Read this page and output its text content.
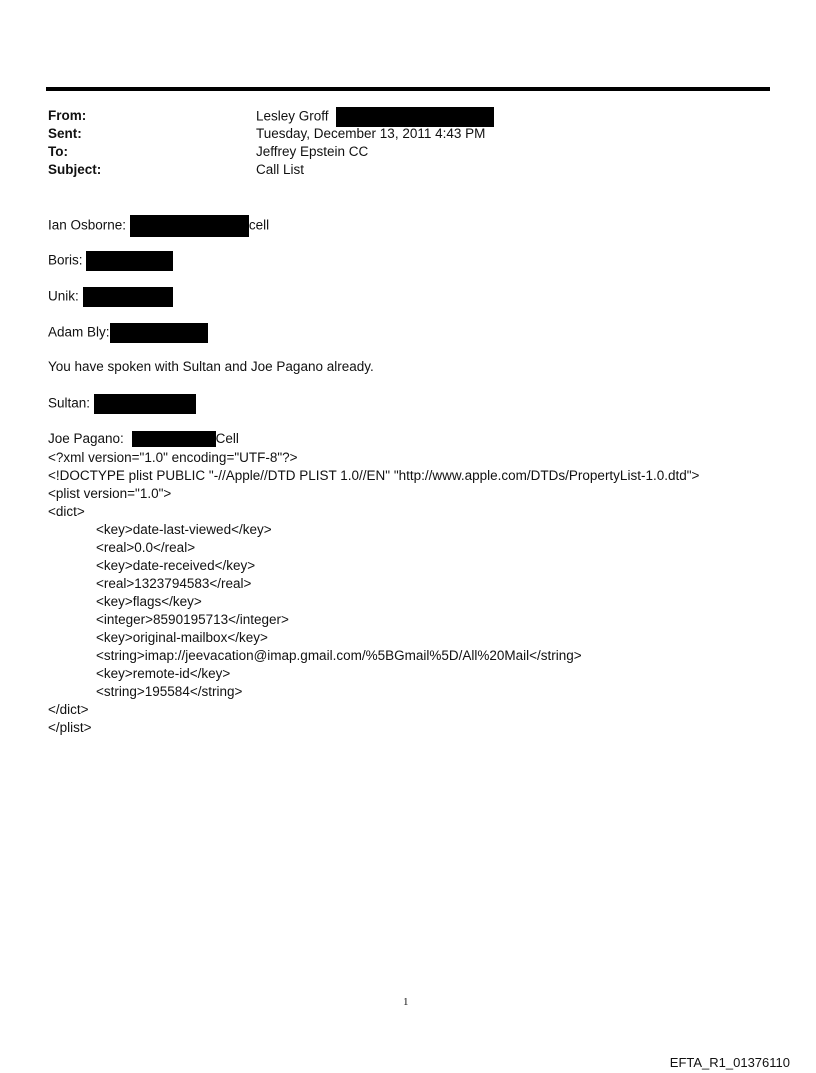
From:	Lesley Groff
Sent:	Tuesday, December 13, 2011 4:43 PM
To:	Jeffrey Epstein CC
Subject:	Call List
Ian Osborne:	cell
Boris:
Unik:
Adam Bly:
You have spoken with Sultan and Joe Pagano already.
Sultan:
Joe Pagano:	Cell
<?xml version="1.0" encoding="UTF-8"?>
<!DOCTYPE plist PUBLIC "-//Apple//DTD PLIST 1.0//EN" "http://www.apple.com/DTDs/PropertyList-1.0.dtd">
<plist version="1.0">
<dict>
<key>date-last-viewed</key>
<real>0.0</real>
<key>date-received</key>
<real>1323794583</real>
<key>flags</key>
<integer>8590195713</integer>
<key>original-mailbox</key>
<string>imap://jeevacation@imap.gmail.com/%5BGmail%5D/All%20Mail</string>
<key>remote-id</key>
<string>195584</string>
</dict>
</plist>
1
EFTA_R1_01376110
